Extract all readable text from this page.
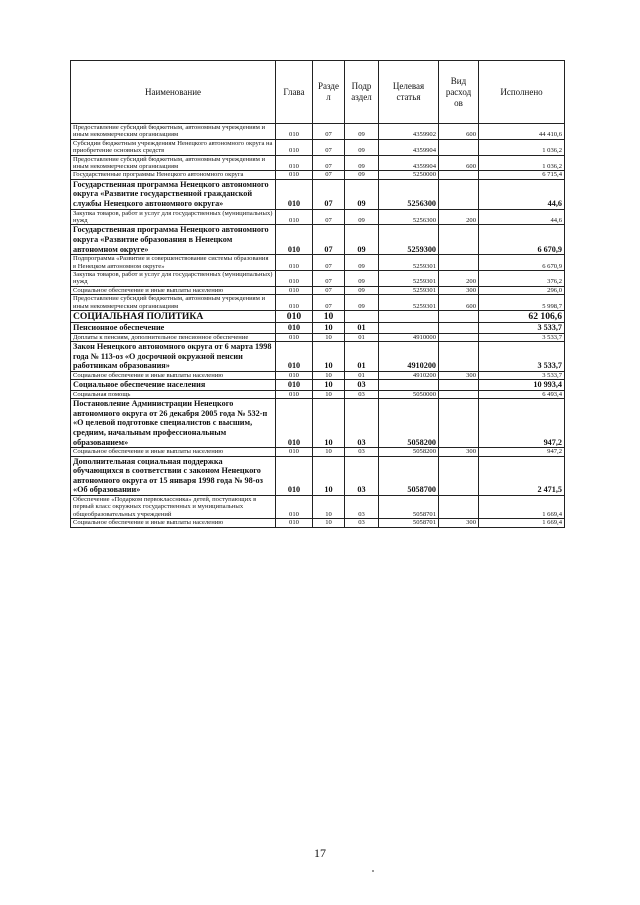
Наименование	Глава	Разде л	Подр аздел	Целевая статья	Вид расход ов	Исполнено
Предоставление субсидий бюджетным, автономным учреждениям и иным некоммерческим организациям	010	07	09	4359902	600	44 410,6
Субсидии бюджетным учреждениям Ненецкого автономного округа на приобретение основных средств	010	07	09	4359904		1 036,2
Предоставление субсидий бюджетным, автономным учреждениям и иным некоммерческим организациям	010	07	09	4359904	600	1 036,2
Государственные программы Ненецкого автономного округа	010	07	09	5250000		6 715,4
Государственная программа Ненецкого автономного округа «Развитие государственной гражданской службы Ненецкого автономного округа»	010	07	09	5256300		44,6
Закупка товаров, работ и услуг для государственных (муниципальных) нужд	010	07	09	5256300	200	44,6
Государственная программа Ненецкого автономного округа «Развитие образования в Ненецком автономном округе»	010	07	09	5259300		6 670,9
Подпрограмма «Развитие и совершенствование системы образования в Ненецком автономном округе»	010	07	09	5259301		6 670,9
Закупка товаров, работ и услуг для государственных (муниципальных) нужд	010	07	09	5259301	200	376,2
Социальное обеспечение и иные выплаты населению	010	07	09	5259301	300	296,0
Предоставление субсидий бюджетным, автономным учреждениям и иным некоммерческим организациям	010	07	09	5259301	600	5 998,7
СОЦИАЛЬНАЯ ПОЛИТИКА	010	10				62 106,6
Пенсионное обеспечение	010	10	01			3 533,7
Доплаты к пенсиям, дополнительное пенсионное обеспечение	010	10	01	4910000		3 533,7
Закон Ненецкого автономного округа от 6 марта 1998 года № 113-оз «О досрочной окружной пенсии работникам образования»	010	10	01	4910200		3 533,7
Социальное обеспечение и иные выплаты населению	010	10	01	4910200	300	3 533,7
Социальное обеспечение населения	010	10	03			10 993,4
Социальная помощь	010	10	03	5050000		6 493,4
Постановление Администрации Ненецкого автономного округа от 26 декабря 2005 года № 532-п «О целевой подготовке специалистов с высшим, средним, начальным профессиональным образованием»	010	10	03	5058200		947,2
Социальное обеспечение и иные выплаты населению	010	10	03	5058200	300	947,2
Дополнительная социальная поддержка обучающихся в соответствии с законом Ненецкого автономного округа от 15 января 1998 года № 98-оз «Об образовании»	010	10	03	5058700		2 471,5
Обеспечение «Подарком первоклассника» детей, поступающих в первый класс окружных государственных и муниципальных общеобразовательных учреждений	010	10	03	5058701		1 669,4
Социальное обеспечение и иные выплаты населению	010	10	03	5058701	300	1 669,4
17
